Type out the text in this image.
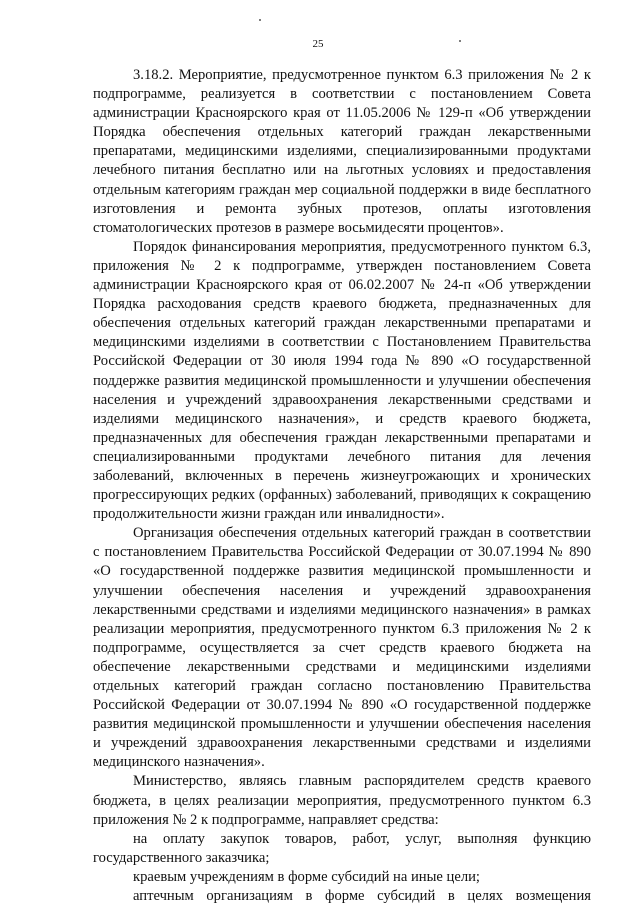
25

3.18.2. Мероприятие, предусмотренное пунктом 6.3 приложения № 2 к подпрограмме, реализуется в соответствии с постановлением Совета администрации Красноярского края от 11.05.2006 № 129-п «Об утверждении Порядка обеспечения отдельных категорий граждан лекарственными препаратами, медицинскими изделиями, специализированными продуктами лечебного питания бесплатно или на льготных условиях и предоставления отдельным категориям граждан мер социальной поддержки в виде бесплатного изготовления и ремонта зубных протезов, оплаты изготовления стоматологических протезов в размере восьмидесяти процентов».

Порядок финансирования мероприятия, предусмотренного пунктом 6.3, приложения № 2 к подпрограмме, утвержден постановлением Совета администрации Красноярского края от 06.02.2007 № 24-п «Об утверждении Порядка расходования средств краевого бюджета, предназначенных для обеспечения отдельных категорий граждан лекарственными препаратами и медицинскими изделиями в соответствии с Постановлением Правительства Российской Федерации от 30 июля 1994 года № 890 «О государственной поддержке развития медицинской промышленности и улучшении обеспечения населения и учреждений здравоохранения лекарственными средствами и изделиями медицинского назначения», и средств краевого бюджета, предназначенных для обеспечения граждан лекарственными препаратами и специализированными продуктами лечебного питания для лечения заболеваний, включенных в перечень жизнеугрожающих и хронических прогрессирующих редких (орфанных) заболеваний, приводящих к сокращению продолжительности жизни граждан или инвалидности».

Организация обеспечения отдельных категорий граждан в соответствии с постановлением Правительства Российской Федерации от 30.07.1994 № 890 «О государственной поддержке развития медицинской промышленности и улучшении обеспечения населения и учреждений здравоохранения лекарственными средствами и изделиями медицинского назначения» в рамках реализации мероприятия, предусмотренного пунктом 6.3 приложения № 2 к подпрограмме, осуществляется за счет средств краевого бюджета на обеспечение лекарственными средствами и медицинскими изделиями отдельных категорий граждан согласно постановлению Правительства Российской Федерации от 30.07.1994 № 890 «О государственной поддержке развития медицинской промышленности и улучшении обеспечения населения и учреждений здравоохранения лекарственными средствами и изделиями медицинского назначения».

Министерство, являясь главным распорядителем средств краевого бюджета, в целях реализации мероприятия, предусмотренного пунктом 6.3 приложения № 2 к подпрограмме, направляет средства:

на оплату закупок товаров, работ, услуг, выполняя функцию государственного заказчика;

краевым учреждениям в форме субсидий на иные цели;

аптечным организациям в форме субсидий в целях возмещения
